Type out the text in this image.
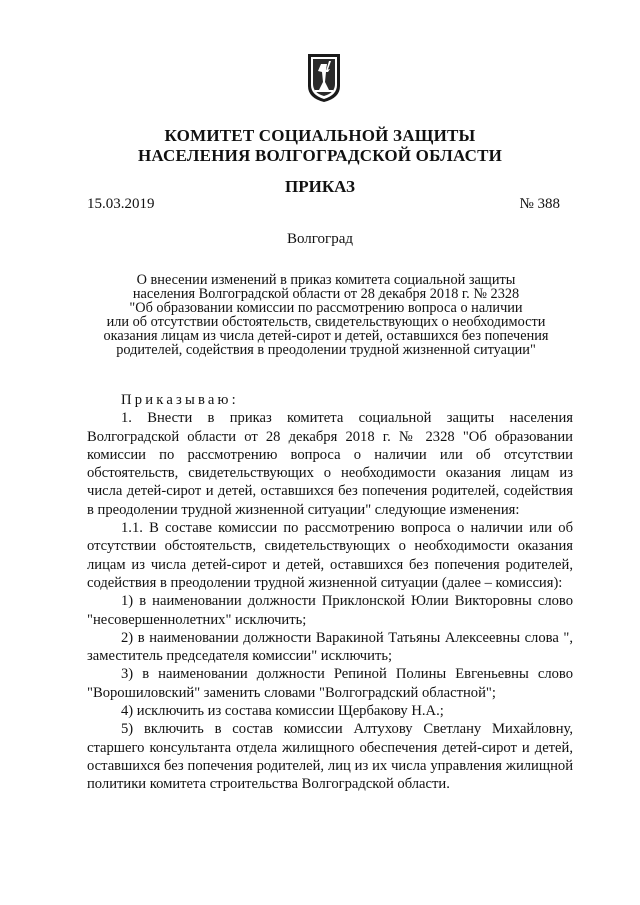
КОМИТЕТ СОЦИАЛЬНОЙ ЗАЩИТЫ
НАСЕЛЕНИЯ ВОЛГОГРАДСКОЙ ОБЛАСТИ
ПРИКАЗ
15.03.2019	№ 388
Волгоград
О внесении изменений в приказ комитета социальной защиты
населения Волгоградской области от 28 декабря 2018 г. № 2328
"Об образовании комиссии по рассмотрению вопроса о наличии
или об отсутствии обстоятельств, свидетельствующих о необходимости
оказания лицам из числа детей-сирот и детей, оставшихся без попечения
родителей, содействия в преодолении трудной жизненной ситуации"

Приказываю:

1. Внести в приказ комитета социальной защиты населения Волгоградской области от 28 декабря 2018 г. № 2328 "Об образовании комиссии по рассмотрению вопроса о наличии или об отсутствии обстоятельств, свидетельствующих о необходимости оказания лицам из числа детей-сирот и детей, оставшихся без попечения родителей, содействия в преодолении трудной жизненной ситуации" следующие изменения:

1.1. В составе комиссии по рассмотрению вопроса о наличии или об отсутствии обстоятельств, свидетельствующих о необходимости оказания лицам из числа детей-сирот и детей, оставшихся без попечения родителей, содействия в преодолении трудной жизненной ситуации (далее – комиссия):

1) в наименовании должности Приклонской Юлии Викторовны слово "несовершеннолетних" исключить;

2) в наименовании должности Варакиной Татьяны Алексеевны слова ", заместитель председателя комиссии" исключить;

3) в наименовании должности Репиной Полины Евгеньевны слово "Ворошиловский" заменить словами "Волгоградский областной";

4) исключить из состава комиссии Щербакову Н.А.;

5) включить в состав комиссии Алтухову Светлану Михайловну, старшего консультанта отдела жилищного обеспечения детей-сирот и детей, оставшихся без попечения родителей, лиц из их числа управления жилищной политики комитета строительства Волгоградской области.
